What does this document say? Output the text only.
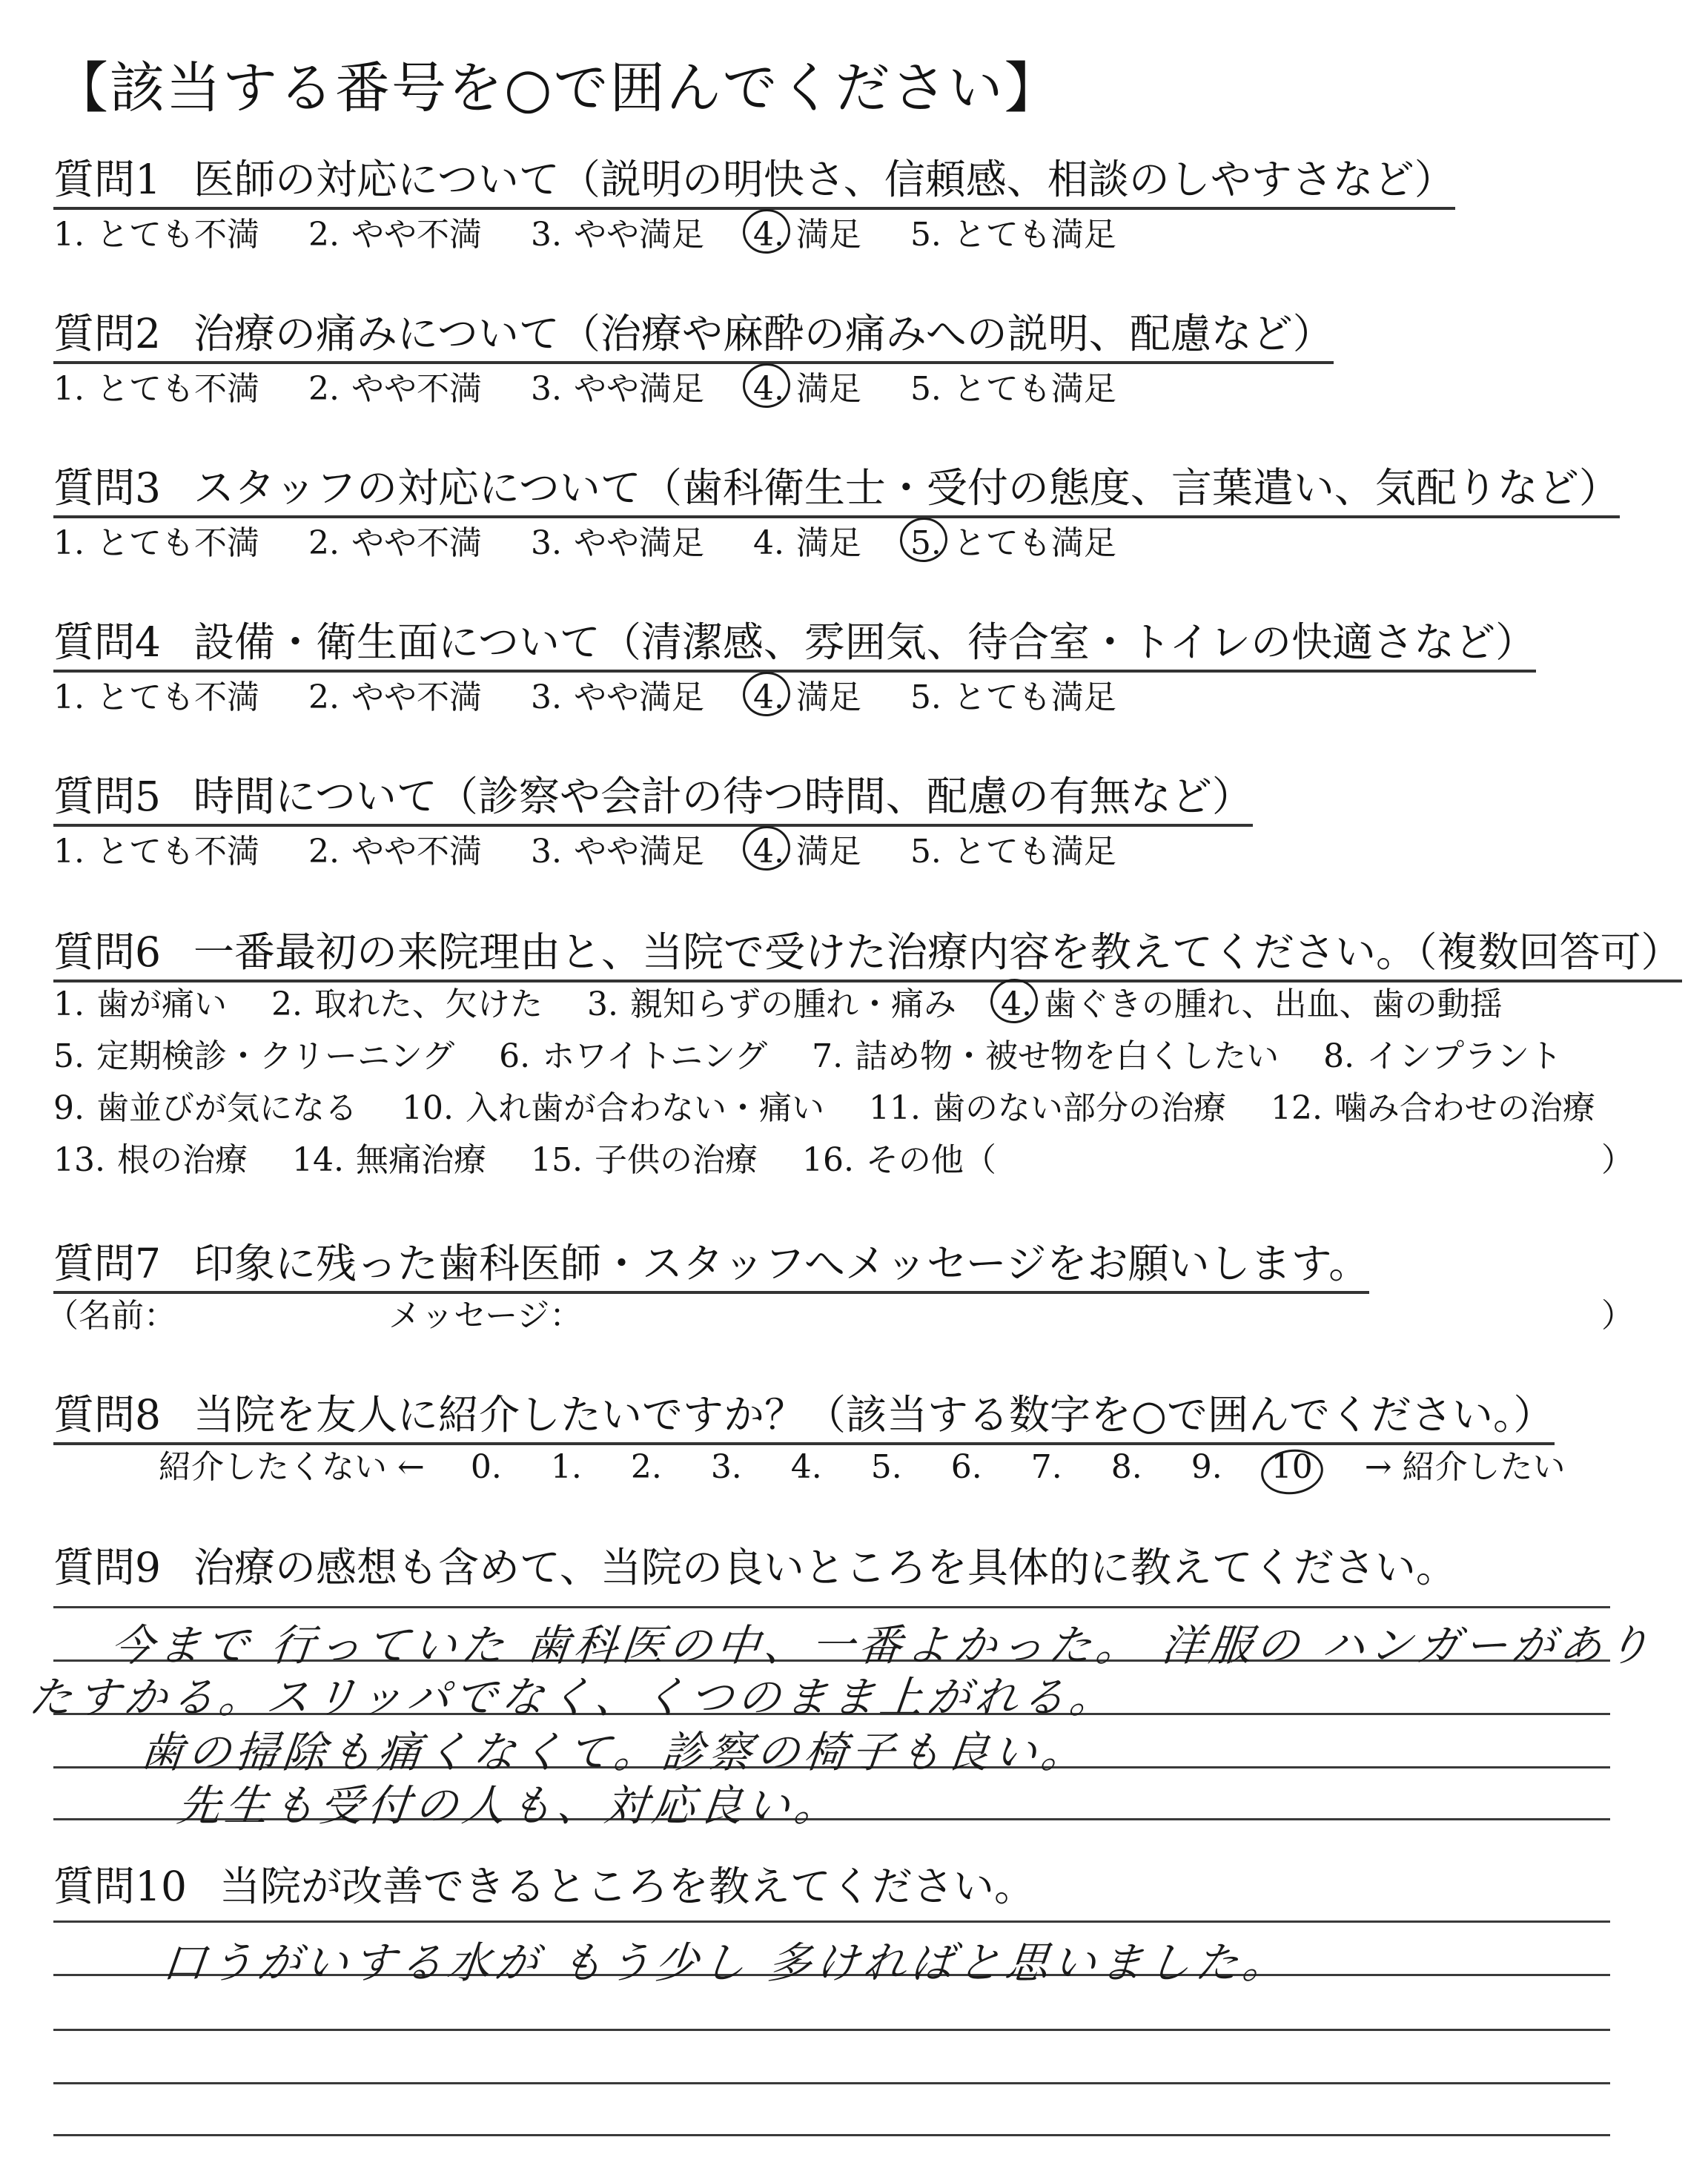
【該当する番号を○で囲んでください】
質問1 医師の対応について（説明の明快さ、信頼感、相談のしやすさなど）
1. とても不満 2. やや不満 3. やや満足 4. 満足 5. とても満足
質問2 治療の痛みについて（治療や麻酔の痛みへの説明、配慮など）
1. とても不満 2. やや不満 3. やや満足 4. 満足 5. とても満足
質問3 スタッフの対応について（歯科衛生士・受付の態度、言葉遣い、気配りなど）
1. とても不満 2. やや不満 3. やや満足 4. 満足 5. とても満足
質問4 設備・衛生面について（清潔感、雰囲気、待合室・トイレの快適さなど）
1. とても不満 2. やや不満 3. やや満足 4. 満足 5. とても満足
質問5 時間について（診察や会計の待つ時間、配慮の有無など）
1. とても不満 2. やや不満 3. やや満足 4. 満足 5. とても満足
質問6 一番最初の来院理由と、当院で受けた治療内容を教えてください。（複数回答可）
1. 歯が痛い 2. 取れた、欠けた 3. 親知らずの腫れ・痛み 4. 歯ぐきの腫れ、出血、歯の動揺
5. 定期検診・クリーニング 6. ホワイトニング 7. 詰め物・被せ物を白くしたい 8. インプラント
9. 歯並びが気になる 10. 入れ歯が合わない・痛い 11. 歯のない部分の治療 12. 噛み合わせの治療
13. 根の治療 14. 無痛治療 15. 子供の治療 16. その他（	）
質問7 印象に残った歯科医師・スタッフへメッセージをお願いします。
（名前：	メッセージ：	）
質問8 当院を友人に紹介したいですか？（該当する数字を○で囲んでください。）
紹介したくない ← 0. 1. 2. 3. 4. 5. 6. 7. 8. 9. 10 → 紹介したい
質問9 治療の感想も含めて、当院の良いところを具体的に教えてください。
今まで 行っていた 歯科医の中、一番よかった。 洋服の ハンガーがあり
たすかる。スリッパでなく、くつのまま上がれる。
歯の掃除も痛くなくて。診察の椅子も良い。
先生も受付の人も、対応良い。
質問10 当院が改善できるところを教えてください。
口うがいする水が もう少し 多ければと思いました。
